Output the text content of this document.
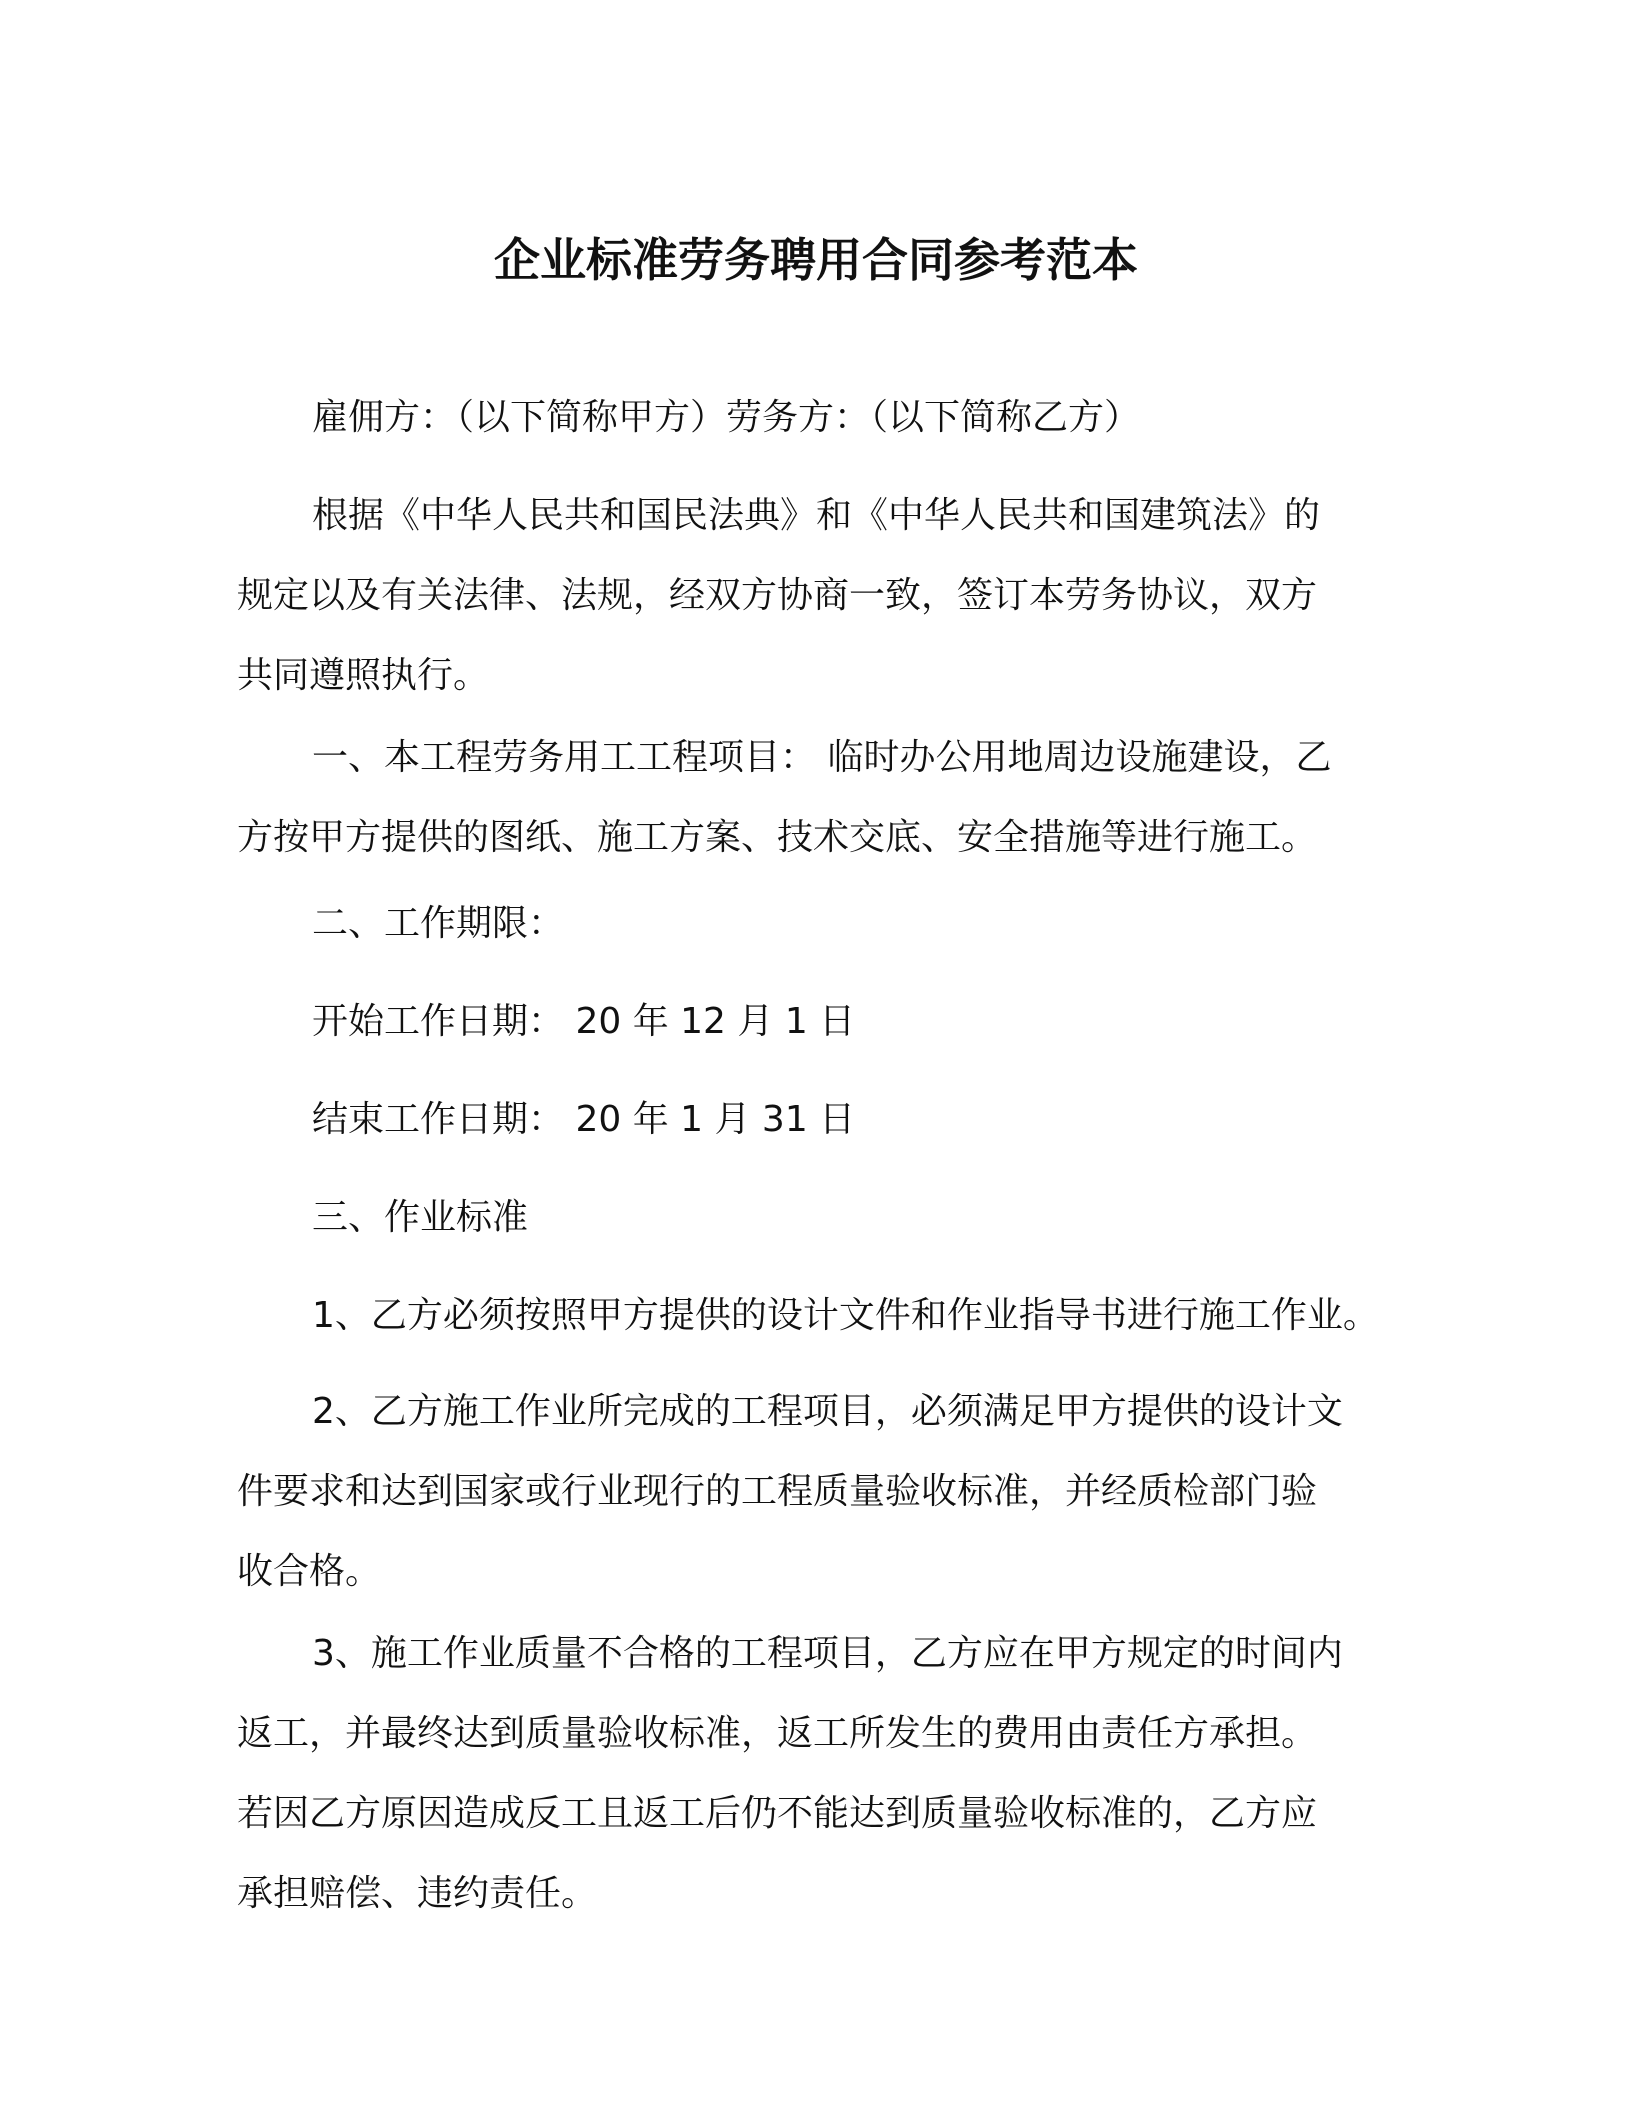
企业标准劳务聘用合同参考范本
雇佣方：（以下简称甲方）劳务方：（以下简称乙方）
根据《中华人民共和国民法典》和《中华人民共和国建筑法》的
规定以及有关法律、法规，经双方协商一致，签订本劳务协议，双方
共同遵照执行。
一、本工程劳务用工工程项目： 临时办公用地周边设施建设，乙
方按甲方提供的图纸、施工方案、技术交底、安全措施等进行施工。
二、工作期限：
开始工作日期： 20 年 12 月 1 日
结束工作日期： 20 年 1 月 31 日
三、作业标准
1、乙方必须按照甲方提供的设计文件和作业指导书进行施工作业。
2、乙方施工作业所完成的工程项目，必须满足甲方提供的设计文
件要求和达到国家或行业现行的工程质量验收标准，并经质检部门验
收合格。
3、施工作业质量不合格的工程项目，乙方应在甲方规定的时间内
返工，并最终达到质量验收标准，返工所发生的费用由责任方承担。
若因乙方原因造成反工且返工后仍不能达到质量验收标准的，乙方应
承担赔偿、违约责任。
